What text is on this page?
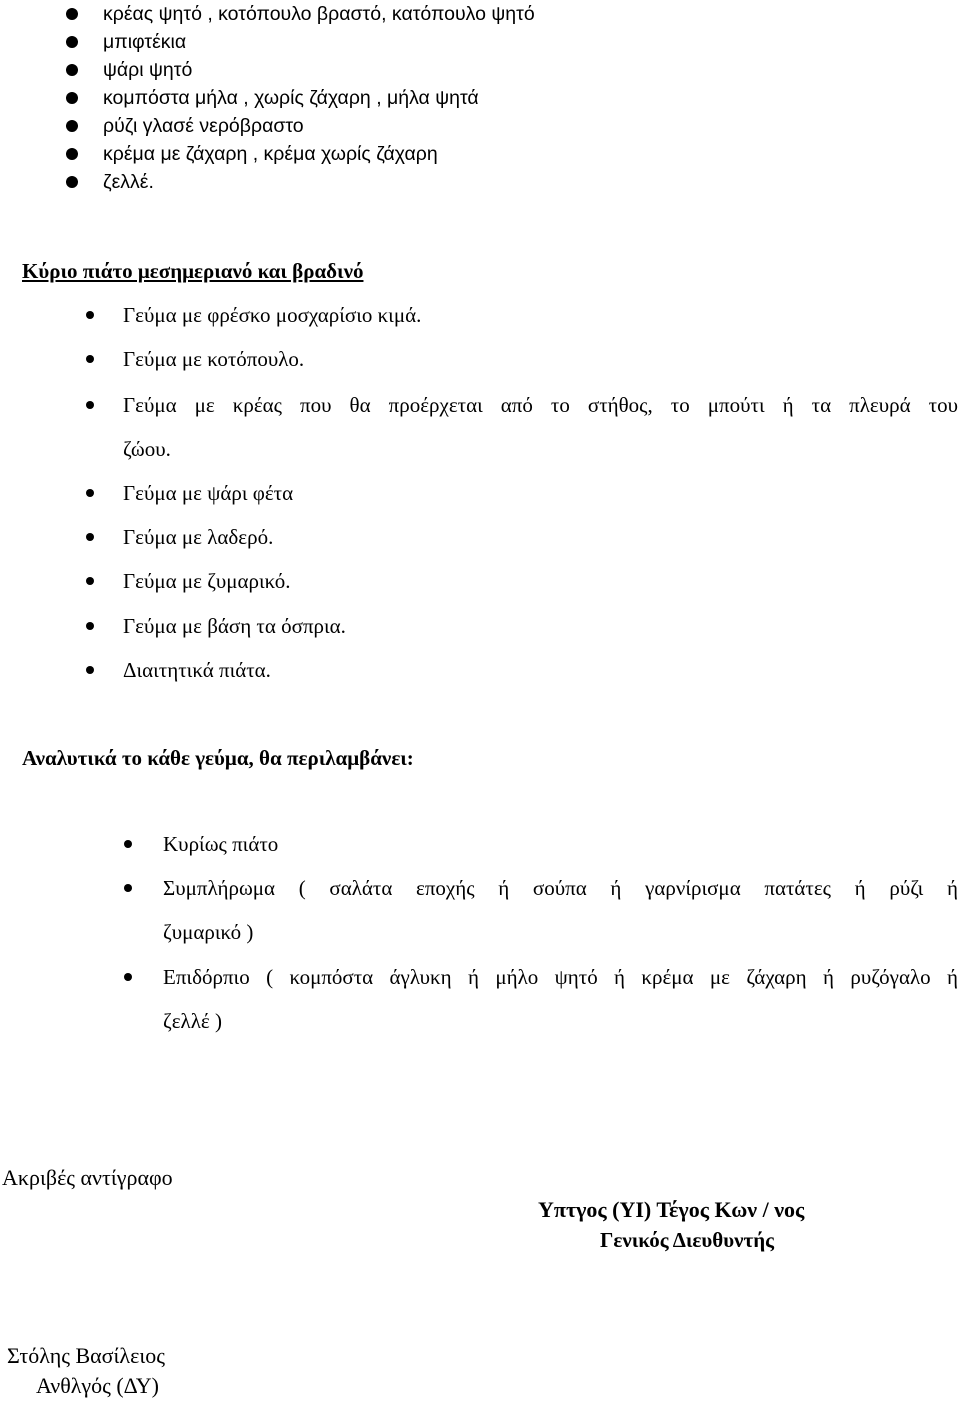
κρέας ψητό , κοτόπουλο βραστό, κατόπουλο ψητό
μπιφτέκια
ψάρι ψητό
κομπόστα μήλα , χωρίς ζάχαρη , μήλα ψητά
ρύζι γλασέ νερόβραστο
κρέμα με ζάχαρη , κρέμα χωρίς ζάχαρη
ζελλέ.
Κύριο πιάτο μεσημεριανό και βραδινό
Γεύμα με φρέσκο μοσχαρίσιο κιμά.
Γεύμα με κοτόπουλο.
Γεύμα με κρέας που θα προέρχεται από το στήθος, το μπούτι ή τα πλευρά του
ζώου.
Γεύμα με ψάρι φέτα
Γεύμα με λαδερό.
Γεύμα με ζυμαρικό.
Γεύμα με βάση τα όσπρια.
Διαιτητικά πιάτα.
Αναλυτικά το κάθε γεύμα, θα περιλαμβάνει:
Κυρίως πιάτο
Συμπλήρωμα ( σαλάτα εποχής ή σούπα ή γαρνίρισμα πατάτες ή ρύζι ή
ζυμαρικό )
Επιδόρπιο ( κομπόστα άγλυκη ή μήλο ψητό ή κρέμα με ζάχαρη ή ρυζόγαλο ή
ζελλέ )
Ακριβές αντίγραφο
Υπτγος (ΥΙ) Τέγος Κων / νος
Γενικός Διευθυντής
Στόλης Βασίλειος
Ανθλγός (ΔΥ)
